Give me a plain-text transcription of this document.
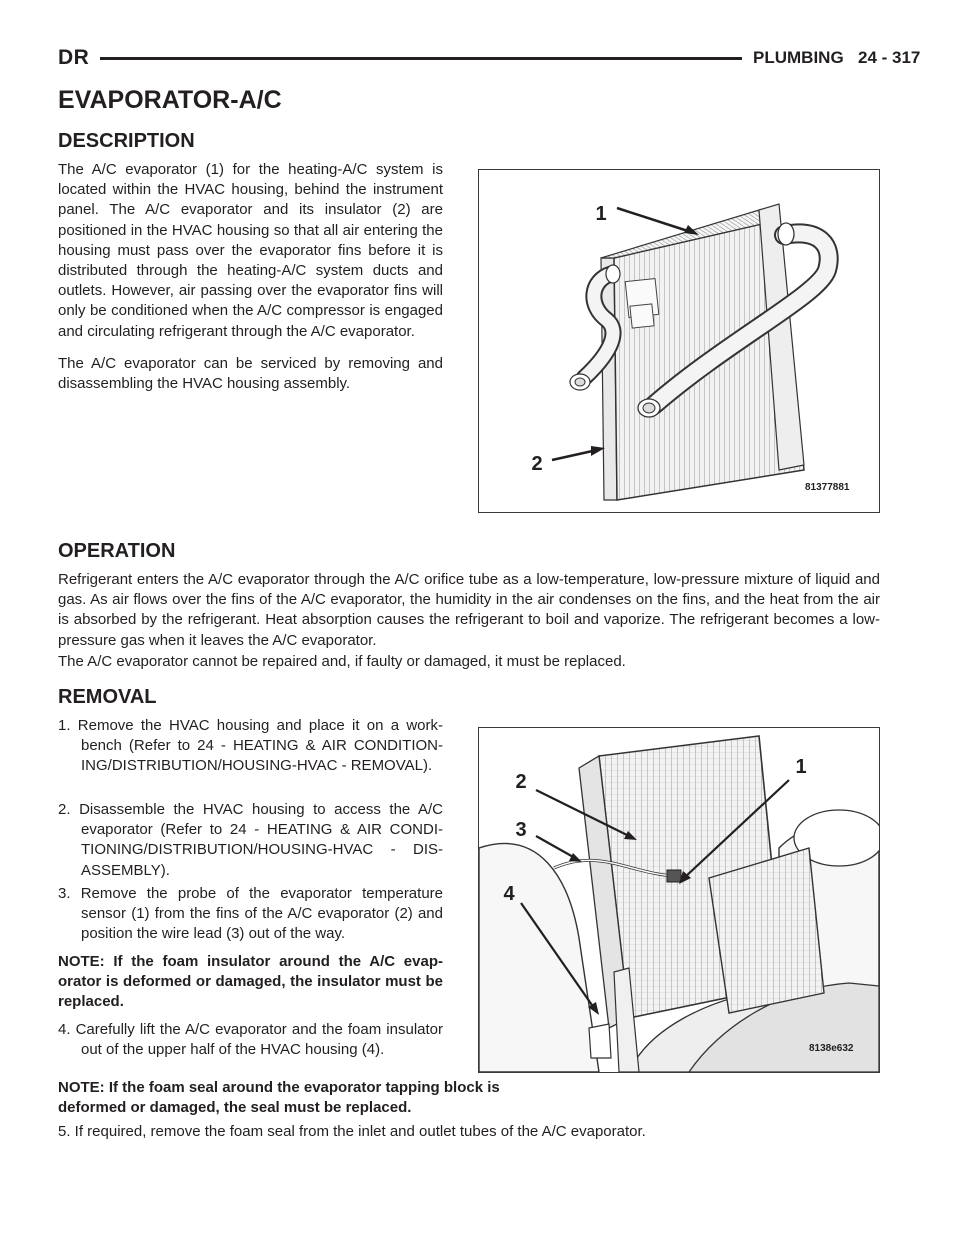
DR	PLUMBING 24 - 317
EVAPORATOR-A/C
DESCRIPTION

The A/C evaporator (1) for the heating-A/C system is located within the HVAC housing, behind the instrument panel. The A/C evaporator and its insulator (2) are positioned in the HVAC housing so that all air entering the housing must pass over the evaporator fins before it is distributed through the heating-A/C system ducts and outlets. However, air passing over the evaporator fins will only be conditioned when the A/C compressor is engaged and circulating refrigerant through the A/C evaporator.

The A/C evaporator can be serviced by removing and disassembling the HVAC housing assembly.

1
2
81377881
OPERATION

Refrigerant enters the A/C evaporator through the A/C orifice tube as a low-temperature, low-pressure mixture of liquid and gas. As air flows over the fins of the A/C evaporator, the humidity in the air condenses on the fins, and the heat from the air is absorbed by the refrigerant. Heat absorption causes the refrigerant to boil and vaporize. The refrigerant becomes a low-pressure gas when it leaves the A/C evaporator.

The A/C evaporator cannot be repaired and, if faulty or damaged, it must be replaced.

REMOVAL
1. Remove the HVAC housing and place it on a workbench (Refer to 24 - HEATING & AIR CONDITIONING/DISTRIBUTION/HOUSING-HVAC - REMOVAL).
2. Disassemble the HVAC housing to access the A/C evaporator (Refer to 24 - HEATING & AIR CONDITIONING/DISTRIBUTION/HOUSING-HVAC - DISASSEMBLY).
3. Remove the probe of the evaporator temperature sensor (1) from the fins of the A/C evaporator (2) and position the wire lead (3) out of the way.

NOTE: If the foam insulator around the A/C evaporator is deformed or damaged, the insulator must be replaced.

4. Carefully lift the A/C evaporator and the foam insulator out of the upper half of the HVAC housing (4).

NOTE: If the foam seal around the evaporator tapping block is deformed or damaged, the seal must be replaced.

5. If required, remove the foam seal from the inlet and outlet tubes of the A/C evaporator.

1
2
3
4
8138e632
